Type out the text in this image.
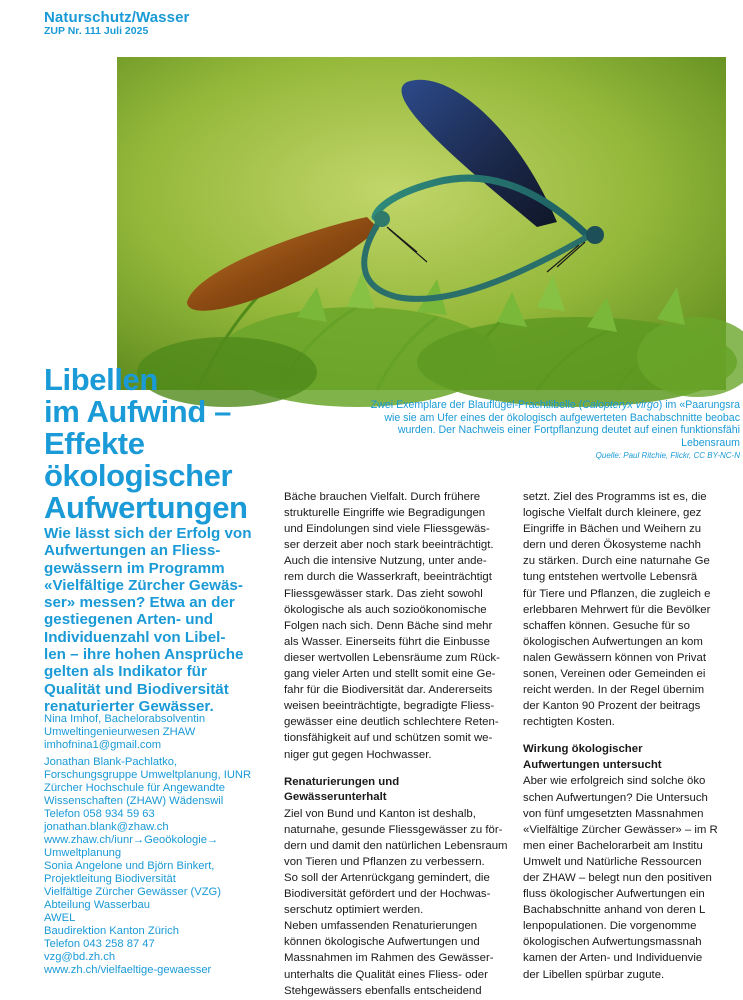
Naturschutz/Wasser
ZUP Nr. 111 Juli 2025
Libellen
im Aufwind –
Effekte
ökologischer
Aufwertungen
Wie lässt sich der Erfolg von
Aufwertungen an Fliess-
gewässern im Programm
«Vielfältige Zürcher Gewäs-
ser» messen? Etwa an der
gestiegenen Arten- und
Individuenzahl von Libel-
len – ihre hohen Ansprüche
gelten als Indikator für
Qualität und Biodiversität
renaturierter Gewässer.
Nina Imhof, Bachelorabsolventin
Umweltingenieurwesen ZHAW
imhofnina1@gmail.com
Jonathan Blank-Pachlatko,
Forschungsgruppe Umweltplanung, IUNR
Zürcher Hochschule für Angewandte
Wissenschaften (ZHAW) Wädenswil
Telefon 058 934 59 63
jonathan.blank@zhaw.ch
www.zhaw.ch/iunr→Geoökologie→
Umweltplanung
Sonia Angelone und Björn Binkert,
Projektleitung Biodiversität
Vielfältige Zürcher Gewässer (VZG)
Abteilung Wasserbau
AWEL
Baudirektion Kanton Zürich
Telefon 043 258 87 47
vzg@bd.zh.ch
www.zh.ch/vielfaeltige-gewaesser
Zwei Exemplare der Blauflügel-Prachtlibelle (Calopteryx virgo) im «Paarungsra
wie sie am Ufer eines der ökologisch aufgewerteten Bachabschnitte beobac
wurden. Der Nachweis einer Fortpflanzung deutet auf einen funktionsfähi
Lebensraum
Quelle: Paul Ritchie, Flickr, CC BY-NC-N
Bäche brauchen Vielfalt. Durch frühere
strukturelle Eingriffe wie Begradigungen
und Eindolungen sind viele Fliessgewäs-
ser derzeit aber noch stark beeinträchtigt.
Auch die intensive Nutzung, unter ande-
rem durch die Wasserkraft, beeinträchtigt
Fliessgewässer stark. Das zieht sowohl
ökologische als auch sozioökonomische
Folgen nach sich. Denn Bäche sind mehr
als Wasser. Einerseits führt die Einbusse
dieser wertvollen Lebensräume zum Rück-
gang vieler Arten und stellt somit eine Ge-
fahr für die Biodiversität dar. Andererseits
weisen beeinträchtigte, begradigte Fliess-
gewässer eine deutlich schlechtere Reten-
tionsfähigkeit auf und schützen somit we-
niger gut gegen Hochwasser.
Renaturierungen und
Gewässerunterhalt
Ziel von Bund und Kanton ist deshalb,
naturnahe, gesunde Fliessgewässer zu för-
dern und damit den natürlichen Lebensraum
von Tieren und Pflanzen zu verbessern.
So soll der Artenrückgang gemindert, die
Biodiversität gefördert und der Hochwas-
serschutz optimiert werden.
Neben umfassenden Renaturierungen
können ökologische Aufwertungen und
Massnahmen im Rahmen des Gewässer-
unterhalts die Qualität eines Fliess- oder
Stehgewässers ebenfalls entscheidend
setzt. Ziel des Programms ist es, die
logische Vielfalt durch kleinere, gez
Eingriffe in Bächen und Weihern zu
dern und deren Ökosysteme nachh
zu stärken. Durch eine naturnahe Ge
tung entstehen wertvolle Lebensrä
für Tiere und Pflanzen, die zugleich e
erlebbaren Mehrwert für die Bevölker
schaffen können. Gesuche für so
ökologischen Aufwertungen an kom
nalen Gewässern können von Privat
sonen, Vereinen oder Gemeinden ei
reicht werden. In der Regel übernim
der Kanton 90 Prozent der beitrags
rechtigten Kosten.
Wirkung ökologischer
Aufwertungen untersucht
Aber wie erfolgreich sind solche öko
schen Aufwertungen? Die Untersuch
von fünf umgesetzten Massnahmen
«Vielfältige Zürcher Gewässer» – im R
men einer Bachelorarbeit am Institu
Umwelt und Natürliche Ressourcen
der ZHAW – belegt nun den positiven
fluss ökologischer Aufwertungen ein
Bachabschnitte anhand von deren L
lenpopulationen. Die vorgenomme
ökologischen Aufwertungsmassnah
kamen der Arten- und Individuenvie
der Libellen spürbar zugute.
